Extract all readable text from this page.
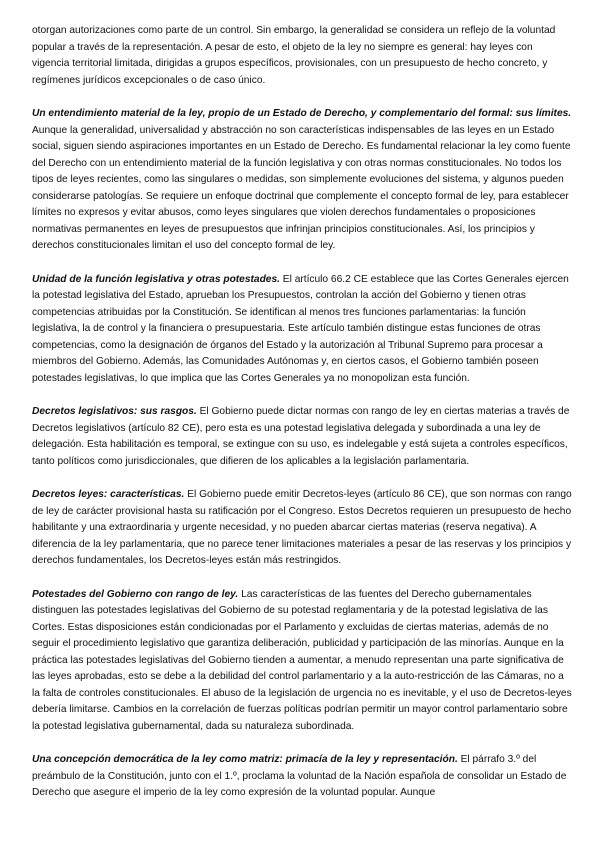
otorgan autorizaciones como parte de un control. Sin embargo, la generalidad se considera un reflejo de la voluntad popular a través de la representación. A pesar de esto, el objeto de la ley no siempre es general: hay leyes con vigencia territorial limitada, dirigidas a grupos específicos, provisionales, con un presupuesto de hecho concreto, y regímenes jurídicos excepcionales o de caso único.

Un entendimiento material de la ley, propio de un Estado de Derecho, y complementario del formal: sus límites. Aunque la generalidad, universalidad y abstracción no son características indispensables de las leyes en un Estado social, siguen siendo aspiraciones importantes en un Estado de Derecho. Es fundamental relacionar la ley como fuente del Derecho con un entendimiento material de la función legislativa y con otras normas constitucionales. No todos los tipos de leyes recientes, como las singulares o medidas, son simplemente evoluciones del sistema, y algunos pueden considerarse patologías. Se requiere un enfoque doctrinal que complemente el concepto formal de ley, para establecer límites no expresos y evitar abusos, como leyes singulares que violen derechos fundamentales o proposiciones normativas permanentes en leyes de presupuestos que infrinjan principios constitucionales. Así, los principios y derechos constitucionales limitan el uso del concepto formal de ley.

Unidad de la función legislativa y otras potestades. El artículo 66.2 CE establece que las Cortes Generales ejercen la potestad legislativa del Estado, aprueban los Presupuestos, controlan la acción del Gobierno y tienen otras competencias atribuidas por la Constitución. Se identifican al menos tres funciones parlamentarias: la función legislativa, la de control y la financiera o presupuestaria. Este artículo también distingue estas funciones de otras competencias, como la designación de órganos del Estado y la autorización al Tribunal Supremo para procesar a miembros del Gobierno. Además, las Comunidades Autónomas y, en ciertos casos, el Gobierno también poseen potestades legislativas, lo que implica que las Cortes Generales ya no monopolizan esta función.

Decretos legislativos: sus rasgos. El Gobierno puede dictar normas con rango de ley en ciertas materias a través de Decretos legislativos (artículo 82 CE), pero esta es una potestad legislativa delegada y subordinada a una ley de delegación. Esta habilitación es temporal, se extingue con su uso, es indelegable y está sujeta a controles específicos, tanto políticos como jurisdiccionales, que difieren de los aplicables a la legislación parlamentaria.

Decretos leyes: características. El Gobierno puede emitir Decretos-leyes (artículo 86 CE), que son normas con rango de ley de carácter provisional hasta su ratificación por el Congreso. Estos Decretos requieren un presupuesto de hecho habilitante y una extraordinaria y urgente necesidad, y no pueden abarcar ciertas materias (reserva negativa). A diferencia de la ley parlamentaria, que no parece tener limitaciones materiales a pesar de las reservas y los principios y derechos fundamentales, los Decretos-leyes están más restringidos.

Potestades del Gobierno con rango de ley. Las características de las fuentes del Derecho gubernamentales distinguen las potestades legislativas del Gobierno de su potestad reglamentaria y de la potestad legislativa de las Cortes. Estas disposiciones están condicionadas por el Parlamento y excluidas de ciertas materias, además de no seguir el procedimiento legislativo que garantiza deliberación, publicidad y participación de las minorías. Aunque en la práctica las potestades legislativas del Gobierno tienden a aumentar, a menudo representan una parte significativa de las leyes aprobadas, esto se debe a la debilidad del control parlamentario y a la auto-restricción de las Cámaras, no a la falta de controles constitucionales. El abuso de la legislación de urgencia no es inevitable, y el uso de Decretos-leyes debería limitarse. Cambios en la correlación de fuerzas políticas podrían permitir un mayor control parlamentario sobre la potestad legislativa gubernamental, dada su naturaleza subordinada.

Una concepción democrática de la ley como matriz: primacía de la ley y representación. El párrafo 3.º del preámbulo de la Constitución, junto con el 1.º, proclama la voluntad de la Nación española de consolidar un Estado de Derecho que asegure el imperio de la ley como expresión de la voluntad popular. Aunque
